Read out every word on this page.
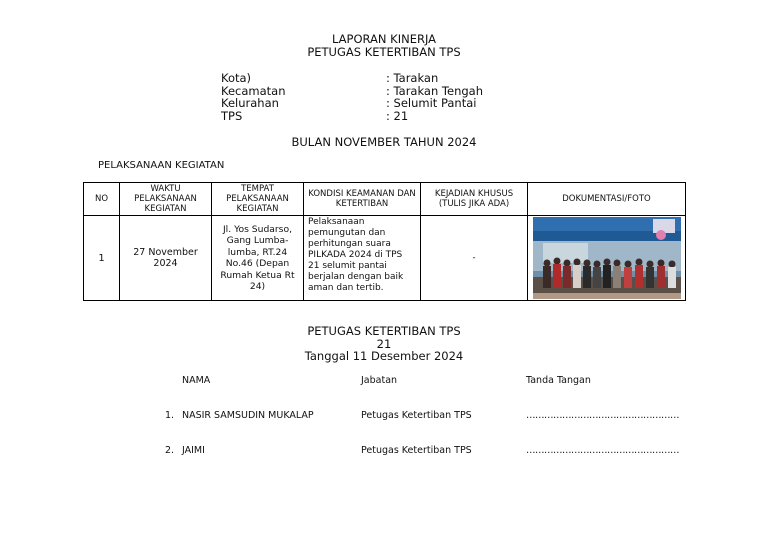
LAPORAN KINERJA
PETUGAS KETERTIBAN TPS
Kota)	: Tarakan
Kecamatan	: Tarakan Tengah
Kelurahan	: Selumit Pantai
TPS	: 21
BULAN NOVEMBER TAHUN 2024
PELAKSANAAN KEGIATAN
NO	WAKTU PELAKSANAAN KEGIATAN	TEMPAT PELAKSANAAN KEGIATAN	KONDISI KEAMANAN DAN KETERTIBAN	KEJADIAN KHUSUS (TULIS JIKA ADA)	DOKUMENTASI/FOTO
1	27 November 2024	Jl. Yos Sudarso, Gang Lumba-lumba, RT.24 No.46 (Depan Rumah Ketua Rt 24)	Pelaksanaan pemungutan dan perhitungan suara PILKADA 2024 di TPS 21 selumit pantai berjalan dengan baik aman dan tertib.	-	
PETUGAS KETERTIBAN TPS
21
Tanggal 11 Desember 2024
NAMA	Jabatan	Tanda Tangan
1. NASIR SAMSUDIN MUKALAP	Petugas Ketertiban TPS	……………………………………………
2. JAIMI	Petugas Ketertiban TPS	……………………………………………
